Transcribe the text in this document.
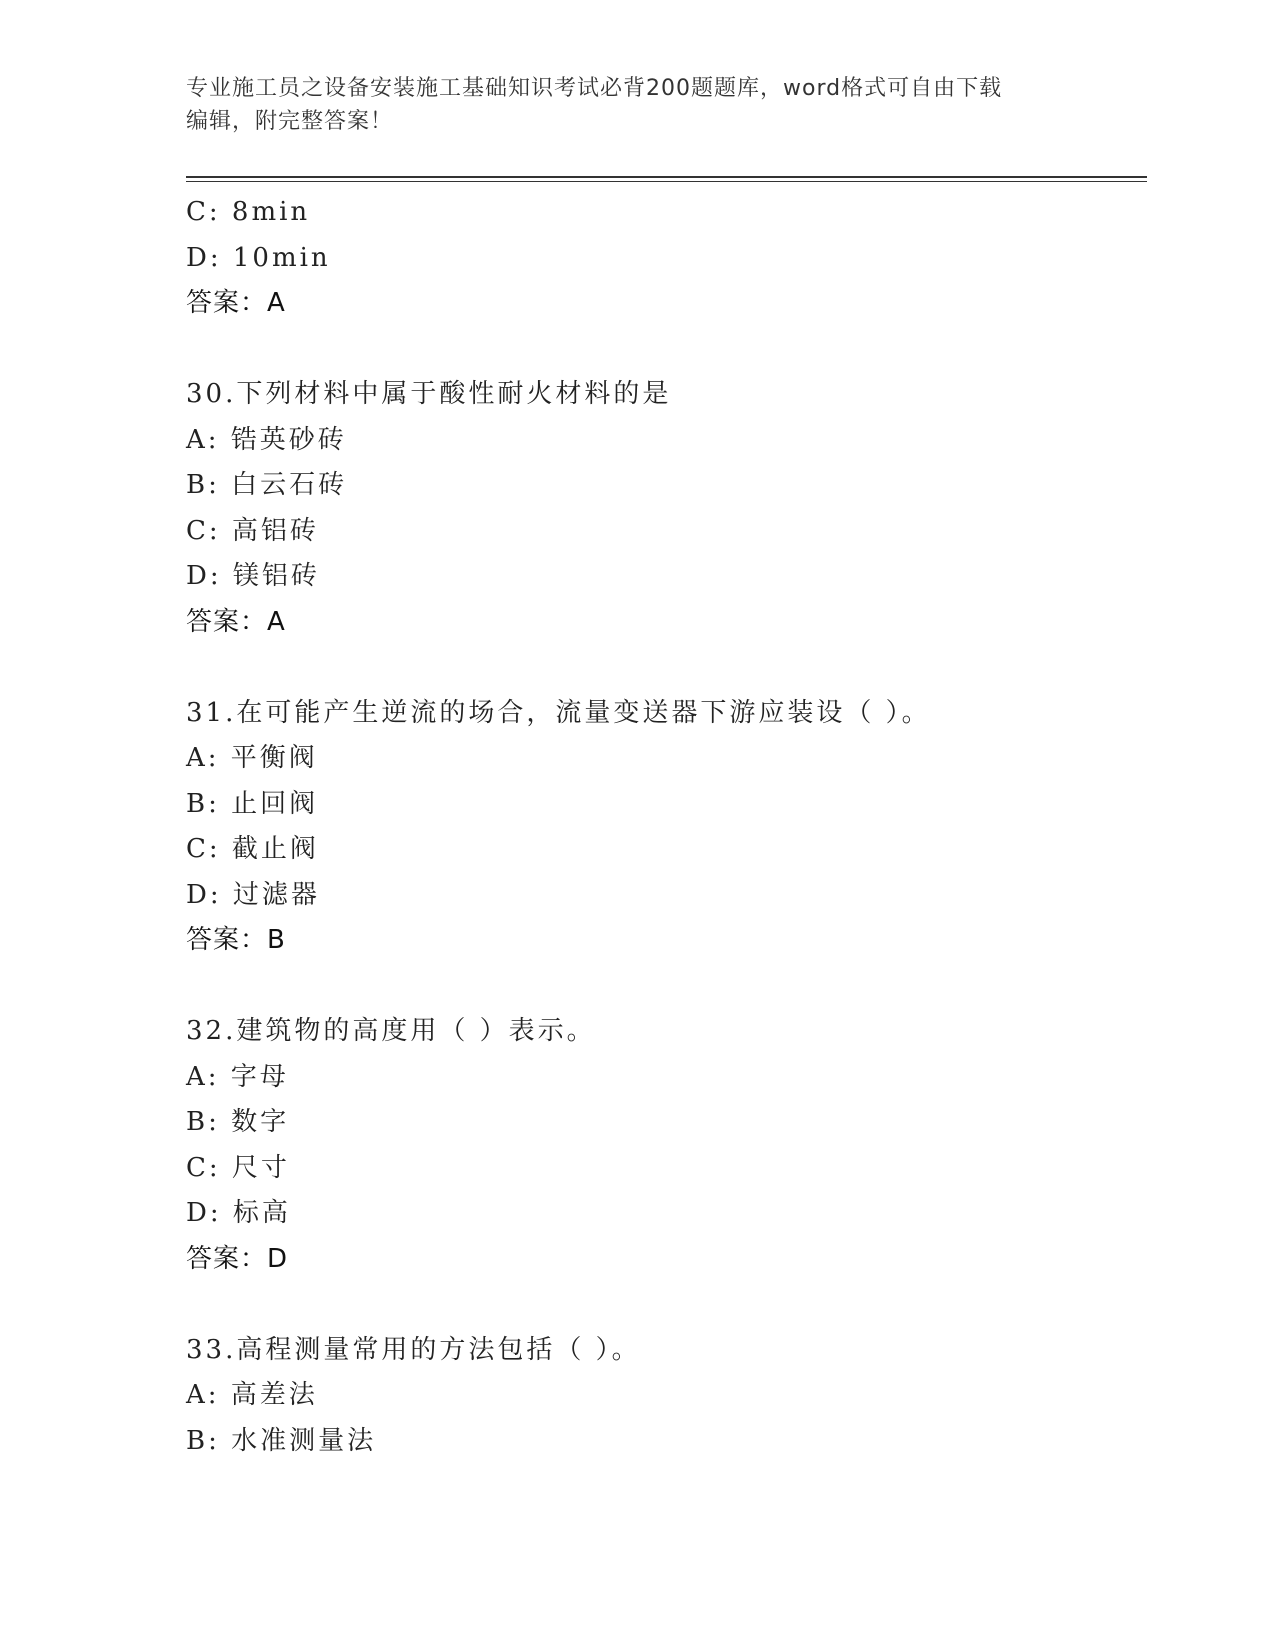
专业施工员之设备安装施工基础知识考试必背200题题库，word格式可自由下载
编辑，附完整答案！
C: 8min
D: 10min
答案：A
30.下列材料中属于酸性耐火材料的是
A: 锆英砂砖
B: 白云石砖
C: 高铝砖
D: 镁铝砖
答案：A
31.在可能产生逆流的场合，流量变送器下游应装设（ ）。
A: 平衡阀
B: 止回阀
C: 截止阀
D: 过滤器
答案：B
32.建筑物的高度用（ ）表示。
A: 字母
B: 数字
C: 尺寸
D: 标高
答案：D
33.高程测量常用的方法包括（ ）。
A: 高差法
B: 水准测量法
